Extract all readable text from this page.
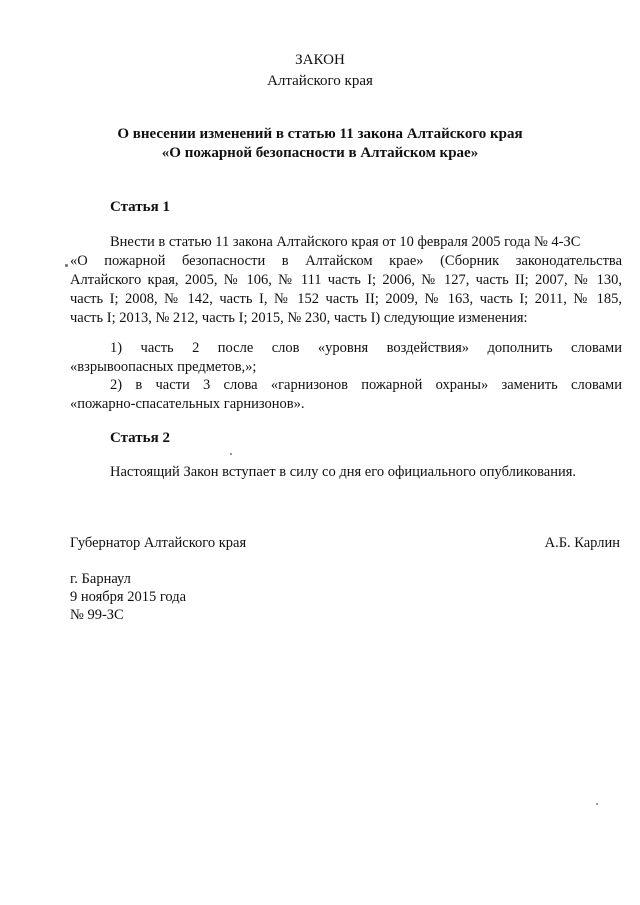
ЗАКОН
Алтайского края
О внесении изменений в статью 11 закона Алтайского края
«О пожарной безопасности в Алтайском крае»
Статья 1
Внести в статью 11 закона Алтайского края от 10 февраля 2005 года № 4-ЗС
«О пожарной безопасности в Алтайском крае» (Сборник законодательства
Алтайского края, 2005, № 106, № 111 часть I; 2006, № 127, часть II; 2007, № 130,
часть I; 2008, № 142, часть I, № 152 часть II; 2009, № 163, часть I; 2011, № 185,
часть I; 2013, № 212, часть I; 2015, № 230, часть I) следующие изменения:
1) часть 2 после слов «уровня воздействия» дополнить словами
«взрывоопасных предметов,»;
2) в части 3 слова «гарнизонов пожарной охраны» заменить словами
«пожарно-спасательных гарнизонов».
Статья 2
Настоящий Закон вступает в силу со дня его официального опубликования.
Губернатор Алтайского края	А.Б. Карлин
г. Барнаул
9 ноября 2015 года
№ 99-ЗС
